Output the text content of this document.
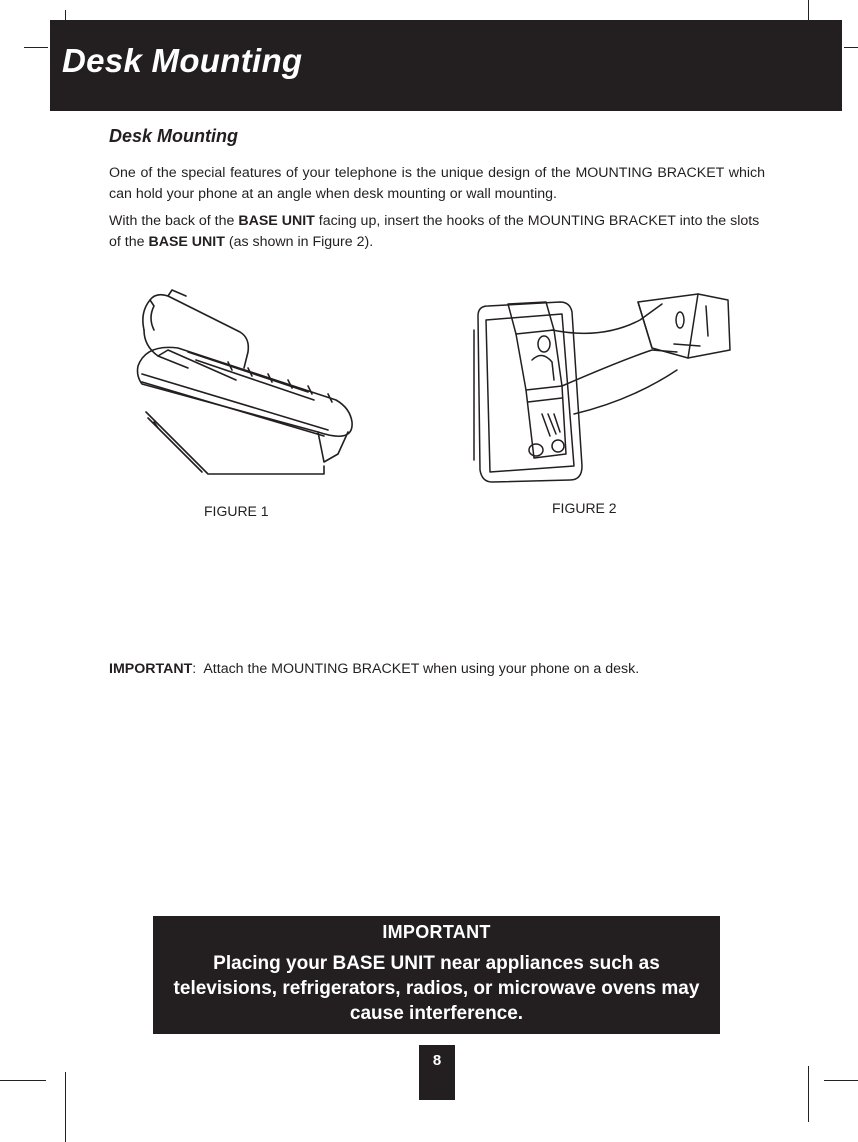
Desk Mounting
Desk Mounting

One of the special features of your telephone is the unique design of the MOUNTING BRACKET which can hold your phone at an angle when desk mounting or wall mounting.

With the back of the BASE UNIT facing up, insert the hooks of the MOUNTING BRACKET into the slots of the BASE UNIT (as shown in Figure 2).

FIGURE 1	FIGURE 2
IMPORTANT: Attach the MOUNTING BRACKET when using your phone on a desk.

IMPORTANT

Placing your BASE UNIT near appliances such as televisions, refrigerators, radios, or microwave ovens may cause interference.

8
